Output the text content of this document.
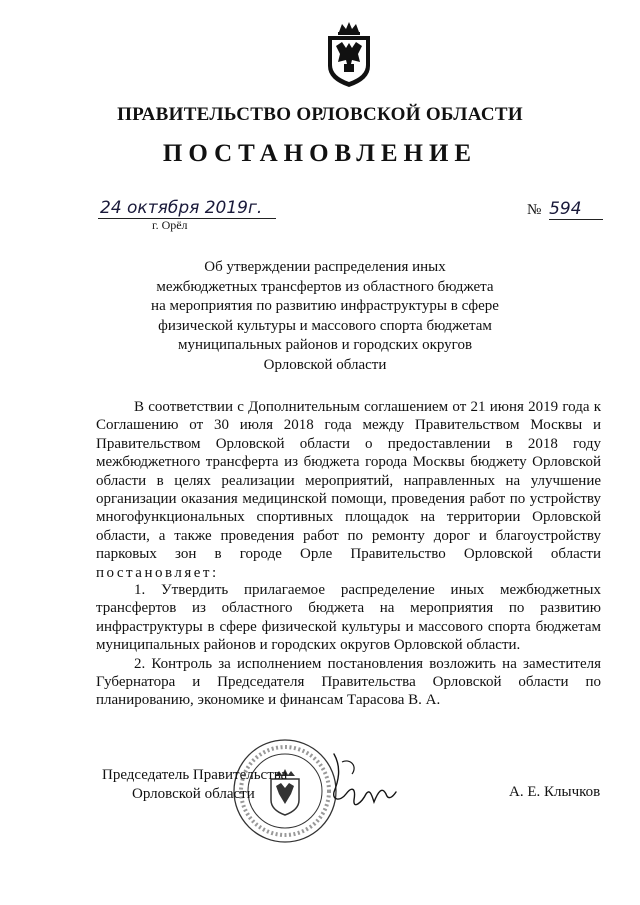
ПРАВИТЕЛЬСТВО ОРЛОВСКОЙ ОБЛАСТИ
ПОСТАНОВЛЕНИЕ
24 октября 2019г.
г. Орёл
№ 594
Об утверждении распределения иных
межбюджетных трансфертов из областного бюджета
на мероприятия по развитию инфраструктуры в сфере
физической культуры и массового спорта бюджетам
муниципальных районов и городских округов
Орловской области

В соответствии с Дополнительным соглашением от 21 июня 2019 года к Соглашению от 30 июля 2018 года между Правительством Москвы и Правительством Орловской области о предоставлении в 2018 году межбюджетного трансферта из бюджета города Москвы бюджету Орловской области в целях реализации мероприятий, направленных на улучшение организации оказания медицинской помощи, проведения работ по устройству многофункциональных спортивных площадок на территории Орловской области, а также проведения работ по ремонту дорог и благоустройству парковых зон в городе Орле Правительство Орловской области постановляет:

1. Утвердить прилагаемое распределение иных межбюджетных трансфертов из областного бюджета на мероприятия по развитию инфраструктуры в сфере физической культуры и массового спорта бюджетам муниципальных районов и городских округов Орловской области.

2. Контроль за исполнением постановления возложить на заместителя Губернатора и Председателя Правительства Орловской области по планированию, экономике и финансам Тарасова В. А.

Председатель Правительства
Орловской области	А. Е. Клычков
